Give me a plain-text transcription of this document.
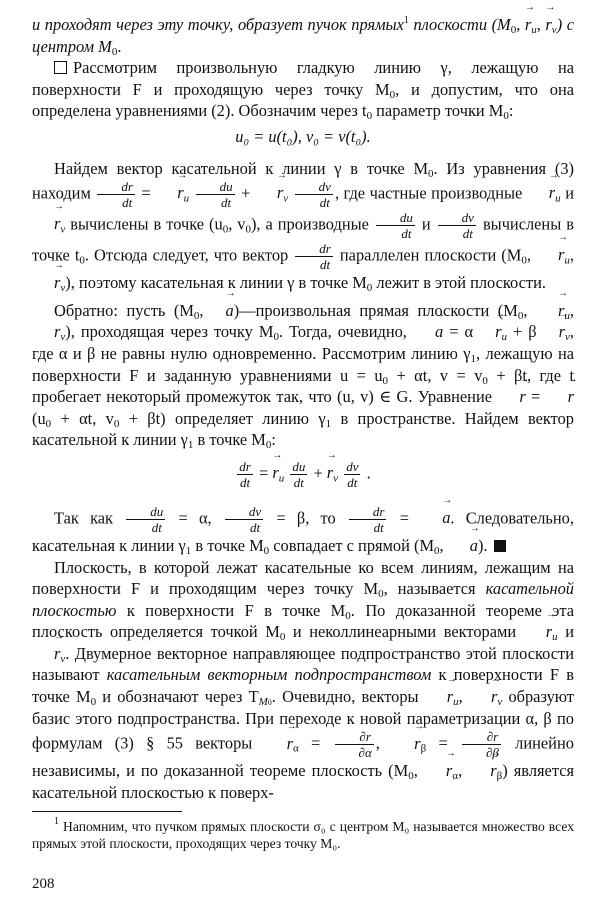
и проходят через эту точку, образует пучок прямых$^1$ плоскости ($M_0$, → $r_u$, → $r_v$) с центром $M_0$.

Рассмотрим произвольную гладкую линию γ, лежащую на поверхности F и проходящую через точку $M_0$, и допустим, что она определена уравнениями (2). Обозначим через $t_0$ параметр точки $M_0$:

u₀ = u(t₀), v₀ = v(t₀).

Найдем вектор касательной к линии γ в точке $M_0$. Из уравнения (3) находим $\frac{dr}{dt}$ = → $r_u \frac{du}{dt}$ + → $r_v \frac{dv}{dt}$ , где частные производные → $r_u$ $и \to r_v$ вычислены в точке ($u_0$, $v_0$), а производные $\frac{du}{dt}$ и $\frac{dv}{dt}$ вычислены в точке $t_0$. Отсюда следует, что вектор $\frac{dr}{dt}$ параллелен плоскости ($M_0$, → $r_u$, → $r_v$), поэтому касательная к линии γ в точке $M_0$ лежит в этой плоскости.

Обратно: пусть ($M_0,\to$ a)—произвольная прямая плоскости ($M_0$, → $r_u$, → $r_v$), проходящая через точку $M_0$. Тогда, очевидно, → $a = \alpha\to r_u + \beta\to r_v$, где α и β не равны нулю одновременно. Рассмотрим линию $\gamma_1$, лежащую на поверхности F и заданную уравнениями $u = u_0 + \alpha t$, $v = v_0 + \beta t$, где t пробегает некоторый промежуток так, что (u, v) ∈ G. Уравнение → r = → $r(u_0 + \alpha t$, $v_0 + \beta t$) определяет линию $\gamma_1$ в пространстве. Найдем вектор касательной к линии $\gamma_1$ в точке $M_0$:

$\frac{dr}{dt}$ = → $r_u \frac{du}{dt}$ + → $r_v \frac{dv}{dt}$ .

Так как $\frac{du}{dt} = \alpha$, $\frac{dv}{dt} = \beta$, то $\frac{dr}{dt}$ = → a. Следовательно, касательная к линии $\gamma_1$ в точке $M_0$ совпадает с прямой ($M_0$, → a).

Плоскость, в которой лежат касательные ко всем линиям, лежащим на поверхности F и проходящим через точку $M_0$, называется касательной плоскостью к поверхности F в точке $M_0$. По доказанной теореме эта плоскость определяется точкой $M_0$ и неколлинеарными векторами → $r_u$ $и \to r_v$. Двумерное векторное направляющее подпространство этой плоскости называют касательным векторным подпространством к поверхности F в точке $M_0$ и обозначают через $T_{M0}$. Очевидно, векторы → $r_u$, → $r_v$ образуют базис этого подпространства. При переходе к новой параметризации α, β по формулам (3) § 55 векторы → $r_\alpha = \frac{\partial r}{\partial\alpha}$ , → $r_\beta = \frac{\partial r}{\partial\beta}$ линейно независимы, и по доказанной теореме плоскость ($M_0$, → $r_\alpha$, → $r_\beta$) является касательной плоскостью к поверх-

$^1$ Напомним, что пучком прямых плоскости σ₀ с центром M₀ называется множество всех прямых этой плоскости, проходящих через точку M₀.

208
